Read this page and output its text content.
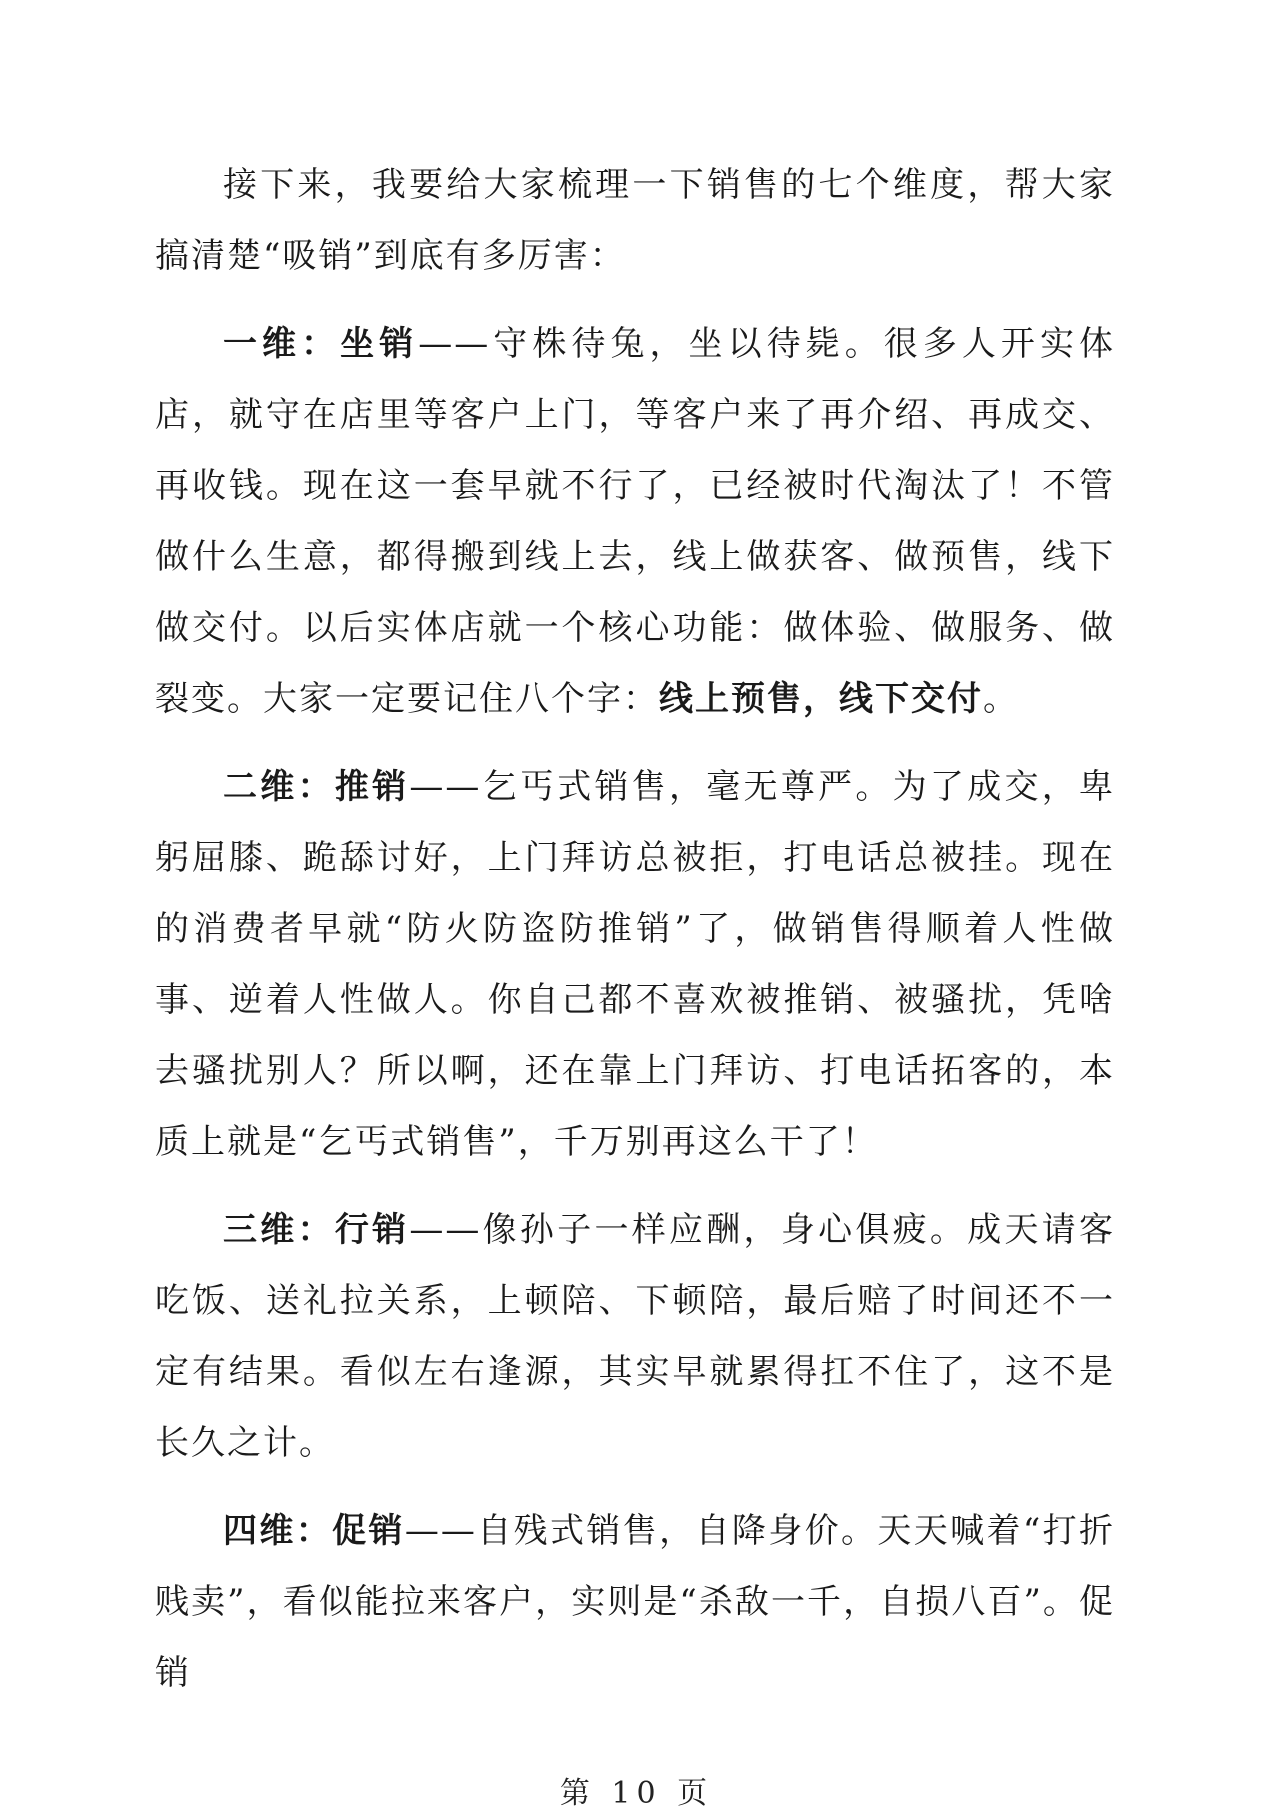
接下来，我要给大家梳理一下销售的七个维度，帮大家搞清楚“吸销”到底有多厉害：

一维：坐销——守株待兔，坐以待毙。很多人开实体店，就守在店里等客户上门，等客户来了再介绍、再成交、再收钱。现在这一套早就不行了，已经被时代淘汰了！不管做什么生意，都得搬到线上去，线上做获客、做预售，线下做交付。以后实体店就一个核心功能：做体验、做服务、做裂变。大家一定要记住八个字：线上预售，线下交付。

二维：推销——乞丐式销售，毫无尊严。为了成交，卑躬屈膝、跪舔讨好，上门拜访总被拒，打电话总被挂。现在的消费者早就“防火防盗防推销”了，做销售得顺着人性做事、逆着人性做人。你自己都不喜欢被推销、被骚扰，凭啥去骚扰别人？所以啊，还在靠上门拜访、打电话拓客的，本质上就是“乞丐式销售”，千万别再这么干了！

三维：行销——像孙子一样应酬，身心俱疲。成天请客吃饭、送礼拉关系，上顿陪、下顿陪，最后赔了时间还不一定有结果。看似左右逢源，其实早就累得扛不住了，这不是长久之计。

四维：促销——自残式销售，自降身价。天天喊着“打折贱卖”，看似能拉来客户，实则是“杀敌一千，自损八百”。促销

第 10 页
